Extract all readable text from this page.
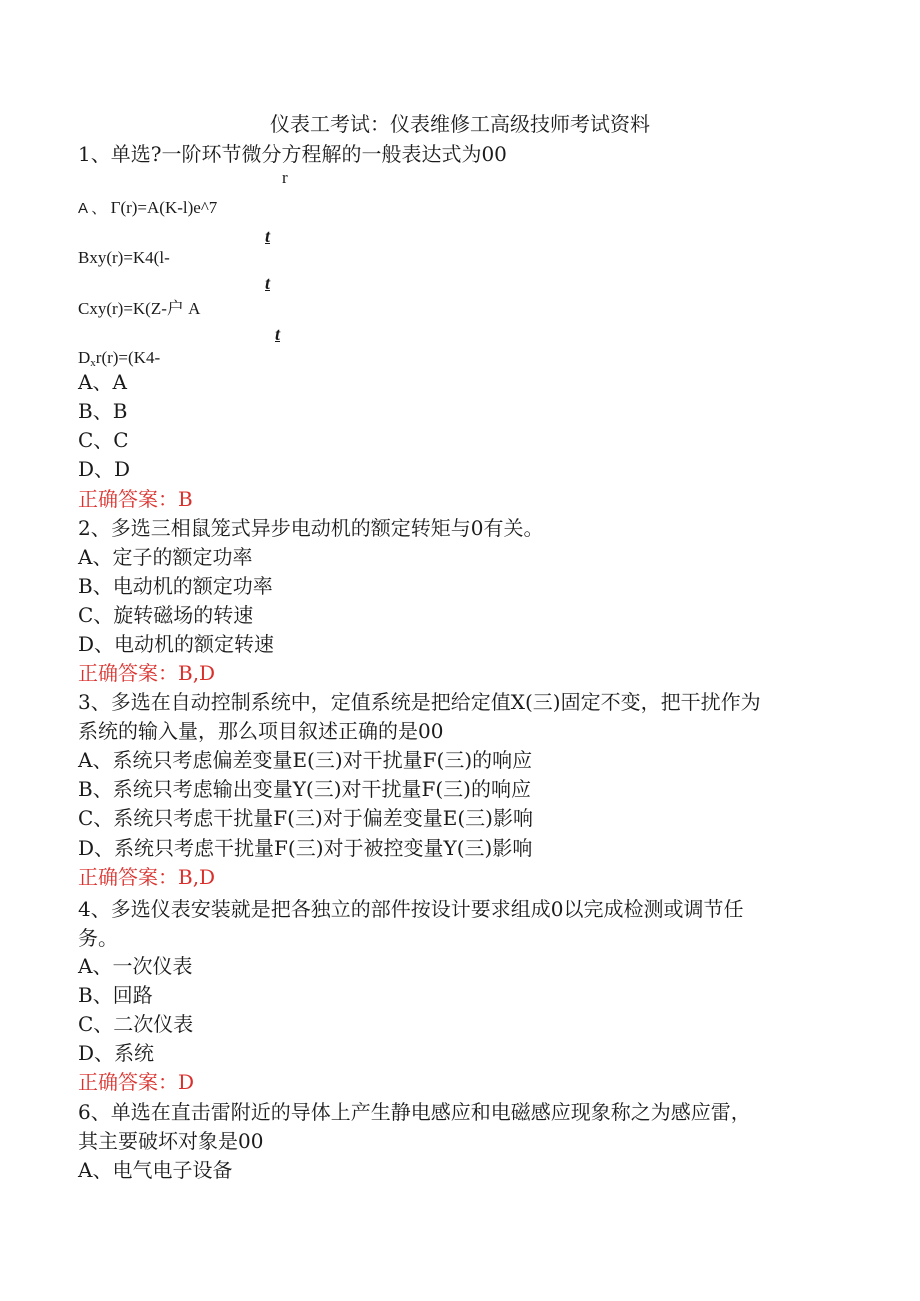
仪表工考试：仪表维修工高级技师考试资料
1、单选?一阶环节微分方程解的一般表达式为00
r
A 、 Γ(r)=A(K-l)e^7
t
Bxy(r)=K4(l-
t
Cxy(r)=K(Z-户 A
t
$D_xr(r)=(K4-$
A、A
B、B
C、C
D、D
正确答案：B
2、多选三相鼠笼式异步电动机的额定转矩与0有关。
A、定子的额定功率
B、电动机的额定功率
C、旋转磁场的转速
D、电动机的额定转速
正确答案：B,D
3、多选在自动控制系统中，定值系统是把给定值X(三)固定不变，把干扰作为
系统的输入量，那么项目叙述正确的是00
A、系统只考虑偏差变量E(三)对干扰量F(三)的响应
B、系统只考虑输出变量Y(三)对干扰量F(三)的响应
C、系统只考虑干扰量F(三)对于偏差变量E(三)影响
D、系统只考虑干扰量F(三)对于被控变量Y(三)影响
正确答案：B,D
4、多选仪表安装就是把各独立的部件按设计要求组成0以完成检测或调节任
务。
A、一次仪表
B、回路
C、二次仪表
D、系统
正确答案：D
6、单选在直击雷附近的导体上产生静电感应和电磁感应现象称之为感应雷，
其主要破坏对象是00
A、电气电子设备
